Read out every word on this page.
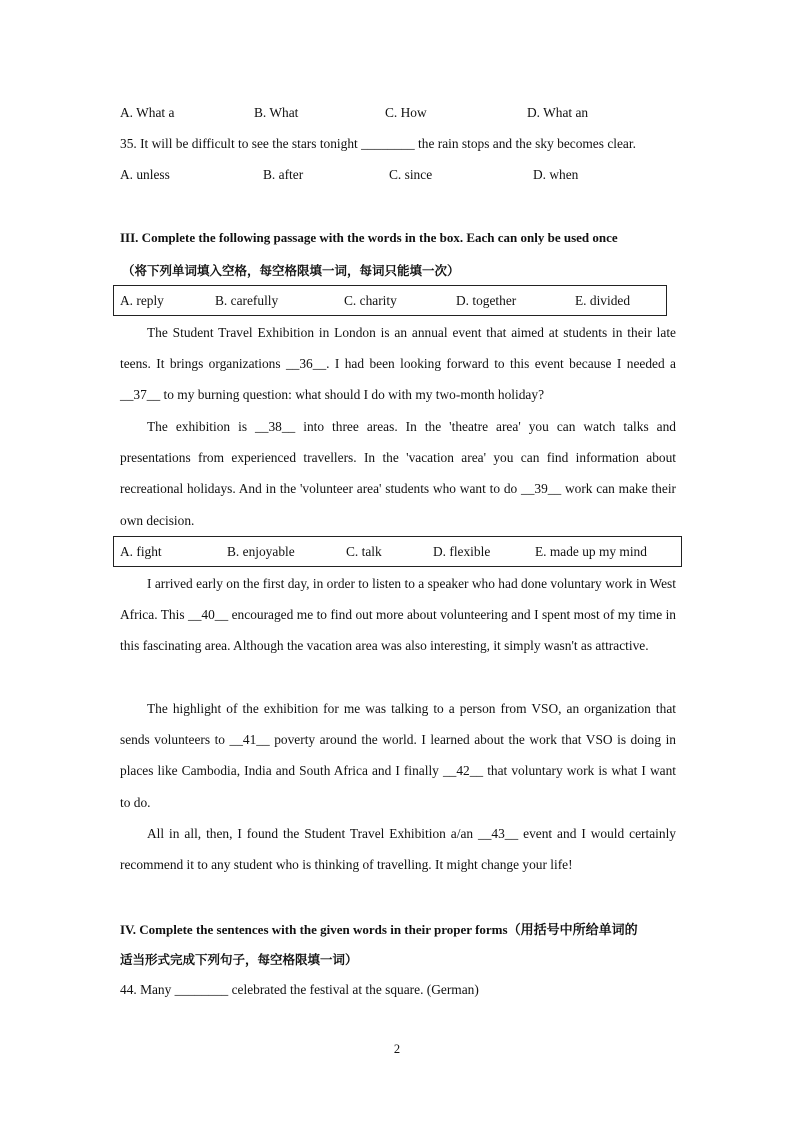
A. What a	B. What	C. How	D. What an
35. It will be difficult to see the stars tonight ________ the rain stops and the sky becomes clear.
A. unless	B. after	C. since	D. when
III. Complete the following passage with the words in the box. Each can only be used once
（将下列单词填入空格，每空格限填一词，每词只能填一次）
A. reply	B. carefully	C. charity	D. together	E. divided
The Student Travel Exhibition in London is an annual event that aimed at students in their late teens. It brings organizations __36__. I had been looking forward to this event because I needed a __37__ to my burning question: what should I do with my two-month holiday?
The exhibition is __38__ into three areas. In the 'theatre area' you can watch talks and presentations from experienced travellers. In the 'vacation area' you can find information about recreational holidays. And in the 'volunteer area' students who want to do __39__ work can make their own decision.
A. fight	B. enjoyable	C. talk	D. flexible	E. made up my mind
I arrived early on the first day, in order to listen to a speaker who had done voluntary work in West Africa. This __40__ encouraged me to find out more about volunteering and I spent most of my time in this fascinating area. Although the vacation area was also interesting, it simply wasn't as attractive.
The highlight of the exhibition for me was talking to a person from VSO, an organization that sends volunteers to __41__ poverty around the world. I learned about the work that VSO is doing in places like Cambodia, India and South Africa and I finally __42__ that voluntary work is what I want to do.
All in all, then, I found the Student Travel Exhibition a/an __43__ event and I would certainly recommend it to any student who is thinking of travelling. It might change your life!
IV. Complete the sentences with the given words in their proper forms（用括号中所给单词的
适当形式完成下列句子，每空格限填一词）
44. Many ________ celebrated the festival at the square. (German)
2
